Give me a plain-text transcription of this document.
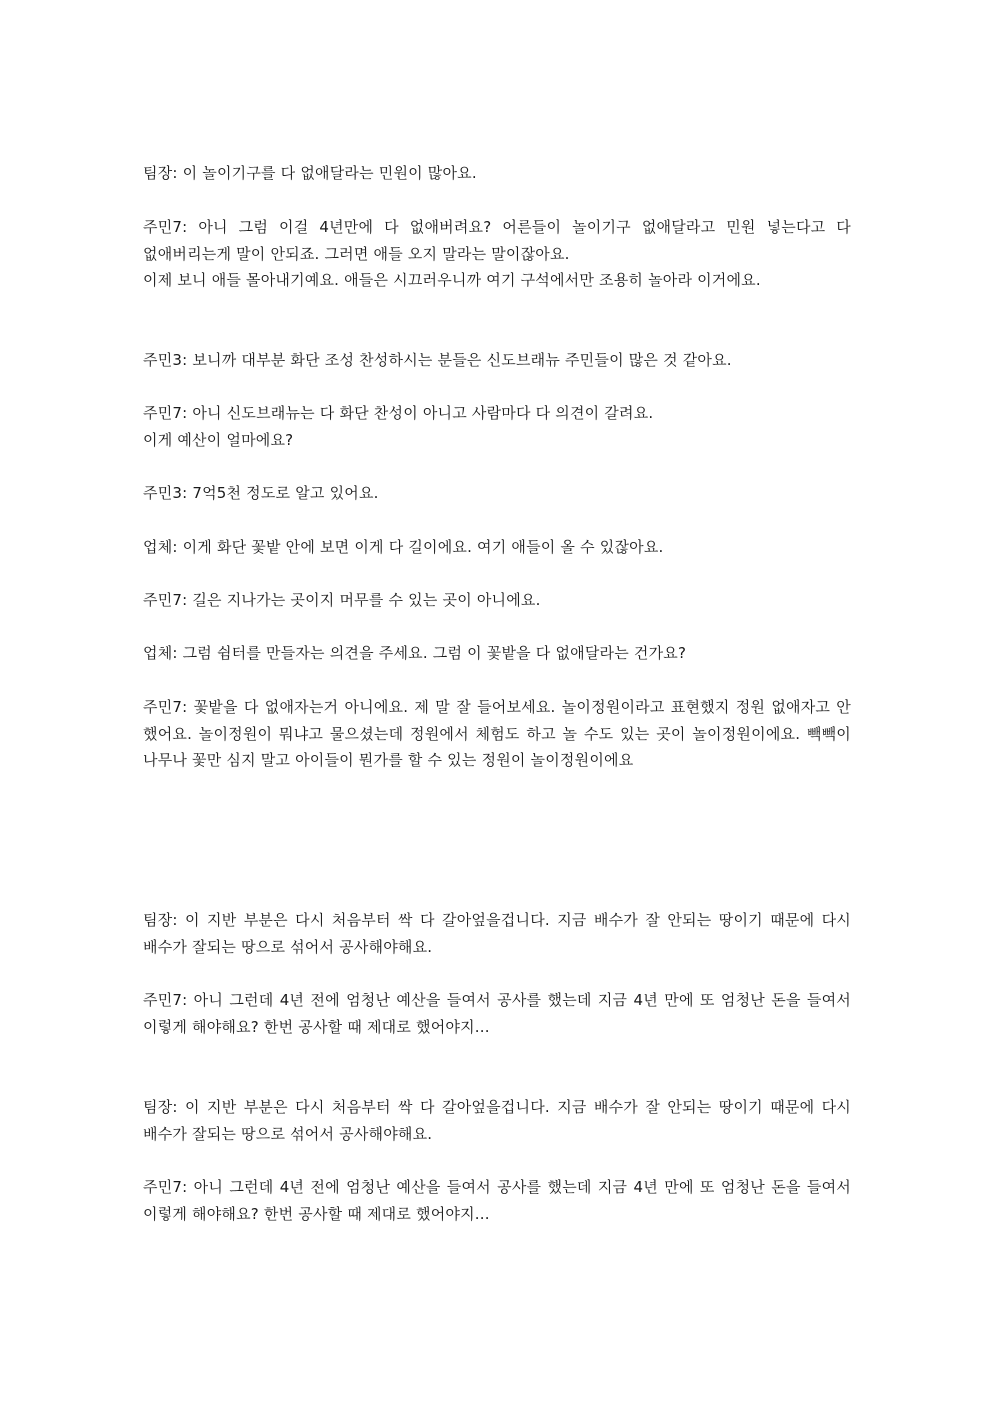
팀장: 이 놀이기구를 다 없애달라는 민원이 많아요.

주민7: 아니 그럼 이걸 4년만에 다 없애버려요? 어른들이 놀이기구 없애달라고 민원 넣는다고 다 없애버리는게 말이 안되죠. 그러면 애들 오지 말라는 말이잖아요.
이제 보니 애들 몰아내기예요. 애들은 시끄러우니까 여기 구석에서만 조용히 놀아라 이거에요.

주민3: 보니까 대부분 화단 조성 찬성하시는 분들은 신도브래뉴 주민들이 많은 것 같아요.

주민7: 아니 신도브래뉴는 다 화단 찬성이 아니고 사람마다 다 의견이 갈려요.
이게 예산이 얼마에요?

주민3: 7억5천 정도로 알고 있어요.

업체: 이게 화단 꽃밭 안에 보면 이게 다 길이에요. 여기 애들이 올 수 있잖아요.

주민7: 길은 지나가는 곳이지 머무를 수 있는 곳이 아니에요.

업체: 그럼 쉼터를 만들자는 의견을 주세요. 그럼 이 꽃밭을 다 없애달라는 건가요?

주민7: 꽃밭을 다 없애자는거 아니에요. 제 말 잘 들어보세요. 놀이정원이라고 표현했지 정원 없애자고 안 했어요. 놀이정원이 뭐냐고 물으셨는데 정원에서 체험도 하고 놀 수도 있는 곳이 놀이정원이에요. 빽빽이 나무나 꽃만 심지 말고 아이들이 뭔가를 할 수 있는 정원이 놀이정원이에요

팀장: 이 지반 부분은 다시 처음부터 싹 다 갈아엎을겁니다. 지금 배수가 잘 안되는 땅이기 때문에 다시 배수가 잘되는 땅으로 섞어서 공사해야해요.

주민7: 아니 그런데 4년 전에 엄청난 예산을 들여서 공사를 했는데 지금 4년 만에 또 엄청난 돈을 들여서 이렇게 해야해요? 한번 공사할 때 제대로 했어야지...

팀장: 이 지반 부분은 다시 처음부터 싹 다 갈아엎을겁니다. 지금 배수가 잘 안되는 땅이기 때문에 다시 배수가 잘되는 땅으로 섞어서 공사해야해요.

주민7: 아니 그런데 4년 전에 엄청난 예산을 들여서 공사를 했는데 지금 4년 만에 또 엄청난 돈을 들여서 이렇게 해야해요? 한번 공사할 때 제대로 했어야지...
